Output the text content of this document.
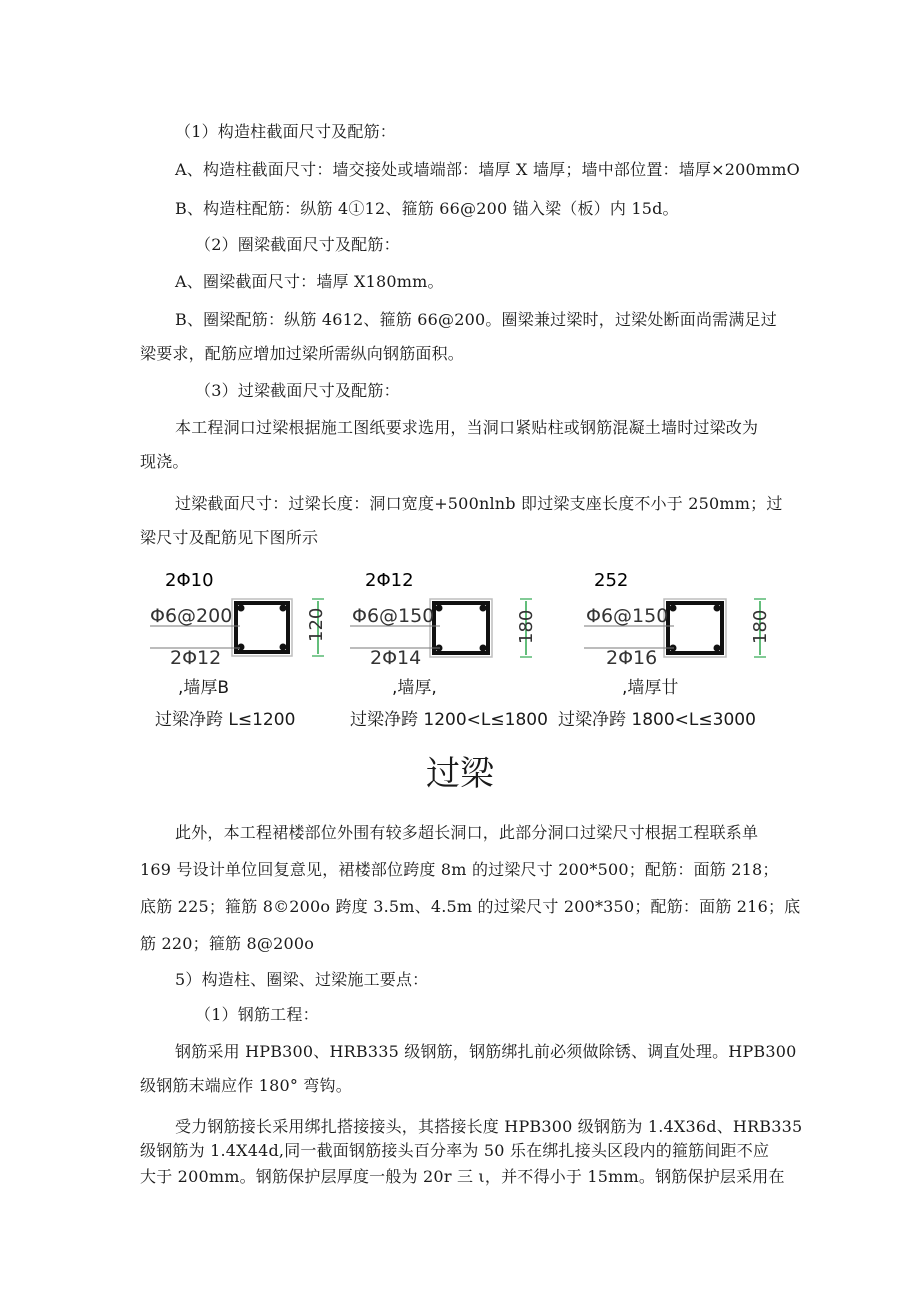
（1）构造柱截面尺寸及配筋：
A、构造柱截面尺寸：墙交接处或墙端部：墙厚 X 墙厚；墙中部位置：墙厚×200mmO
B、构造柱配筋：纵筋 4①12、箍筋 66@200 锚入梁（板）内 15d。
（2）圈梁截面尺寸及配筋：
A、圈梁截面尺寸：墙厚 X180mm。
B、圈梁配筋：纵筋 4612、箍筋 66@200。圈梁兼过梁时，过梁处断面尚需满足过
梁要求，配筋应增加过梁所需纵向钢筋面积。
（3）过梁截面尺寸及配筋：
本工程洞口过梁根据施工图纸要求选用，当洞口紧贴柱或钢筋混凝土墙时过梁改为
现浇。
过梁截面尺寸：过梁长度：洞口宽度+500nlnb 即过梁支座长度不小于 250mm；过
梁尺寸及配筋见下图所示
2Φ10
Φ6@200
2Φ12
120
2Φ12
Φ6@150
2Φ14
180
252
Φ6@150
2Φ16
180
,墙厚B	,墙厚,	,墙厚廿
过梁净跨 L≤1200	过梁净跨 1200<L≤1800 过梁净跨 1800<L≤3000
过梁
此外，本工程裙楼部位外围有较多超长洞口，此部分洞口过梁尺寸根据工程联系单
169 号设计单位回复意见，裙楼部位跨度 8m 的过梁尺寸 200*500；配筋：面筋 218；
底筋 225；箍筋 8©200o 跨度 3.5m、4.5m 的过梁尺寸 200*350；配筋：面筋 216；底
筋 220；箍筋 8@200o
5）构造柱、圈梁、过梁施工要点：
（1）钢筋工程：
钢筋采用 HPB300、HRB335 级钢筋，钢筋绑扎前必须做除锈、调直处理。HPB300
级钢筋末端应作 180° 弯钩。
受力钢筋接长采用绑扎搭接接头，其搭接长度 HPB300 级钢筋为 1.4X36d、HRB335
级钢筋为 1.4X44d,同一截面钢筋接头百分率为 50 乐在绑扎接头区段内的箍筋间距不应
大于 200mm。钢筋保护层厚度一般为 20r 三 ι，并不得小于 15mm。钢筋保护层采用在
